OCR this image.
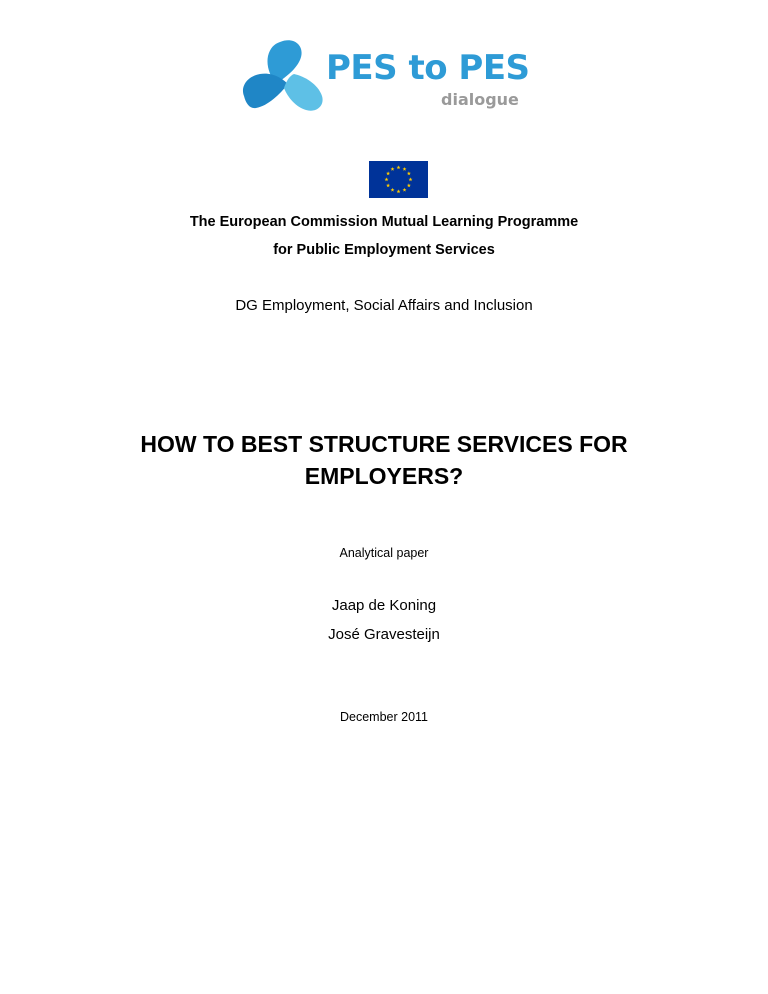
PES to PES
dialogue
The European Commission Mutual Learning Programme
for Public Employment Services
DG Employment, Social Affairs and Inclusion
HOW TO BEST STRUCTURE SERVICES FOR
EMPLOYERS?
Analytical paper
Jaap de Koning
José Gravesteijn
December 2011
